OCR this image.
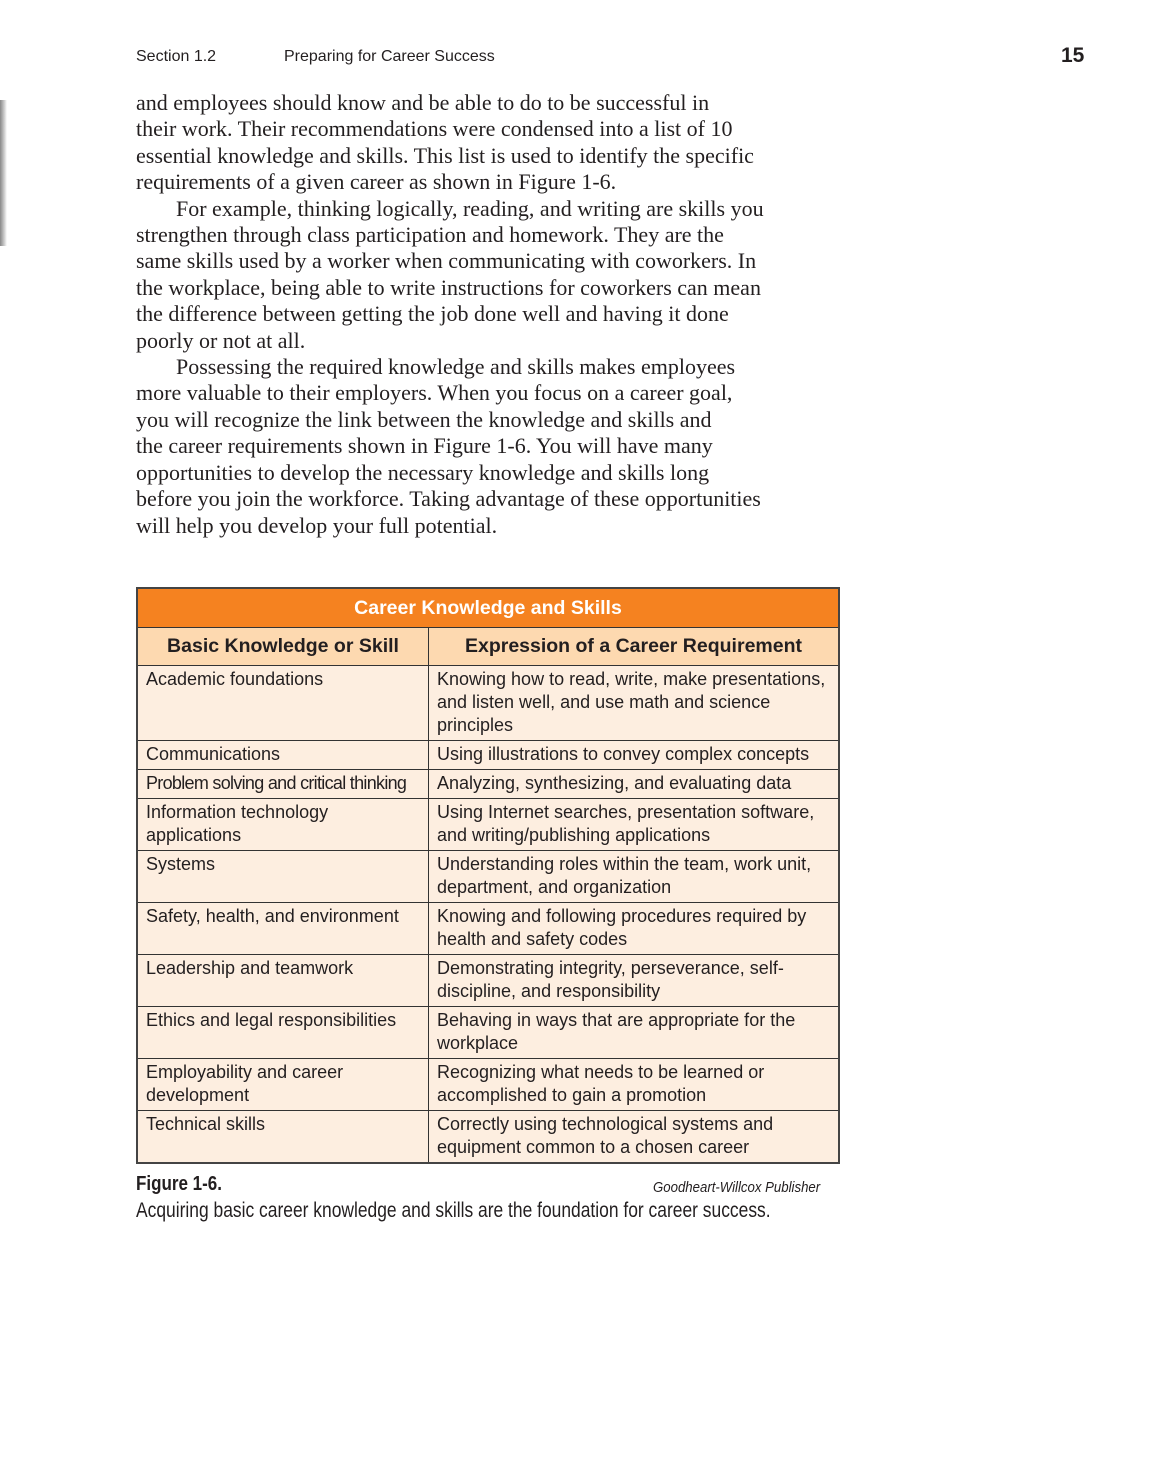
Section 1.2	Preparing for Career Success	15
and employees should know and be able to do to be successful in
their work. Their recommendations were condensed into a list of 10
essential knowledge and skills. This list is used to identify the specific
requirements of a given career as shown in Figure 1-6.
For example, thinking logically, reading, and writing are skills you
strengthen through class participation and homework. They are the
same skills used by a worker when communicating with coworkers. In
the workplace, being able to write instructions for coworkers can mean
the difference between getting the job done well and having it done
poorly or not at all.
Possessing the required knowledge and skills makes employees
more valuable to their employers. When you focus on a career goal,
you will recognize the link between the knowledge and skills and
the career requirements shown in Figure 1-6. You will have many
opportunities to develop the necessary knowledge and skills long
before you join the workforce. Taking advantage of these opportunities
will help you develop your full potential.
Career Knowledge and Skills	
Basic Knowledge or Skill	Expression of a Career Requirement
Academic foundations	Knowing how to read, write, make presentations, and listen well, and use math and science principles
Communications	Using illustrations to convey complex concepts
Problem solving and critical thinking	Analyzing, synthesizing, and evaluating data
Information technology applications	Using Internet searches, presentation software, and writing/publishing applications
Systems	Understanding roles within the team, work unit, department, and organization
Safety, health, and environment	Knowing and following procedures required by health and safety codes
Leadership and teamwork	Demonstrating integrity, perseverance, self-discipline, and responsibility
Ethics and legal responsibilities	Behaving in ways that are appropriate for the workplace
Employability and career development	Recognizing what needs to be learned or accomplished to gain a promotion
Technical skills	Correctly using technological systems and equipment common to a chosen career
Figure 1-6.	Goodheart-Willcox Publisher
Acquiring basic career knowledge and skills are the foundation for career success.
